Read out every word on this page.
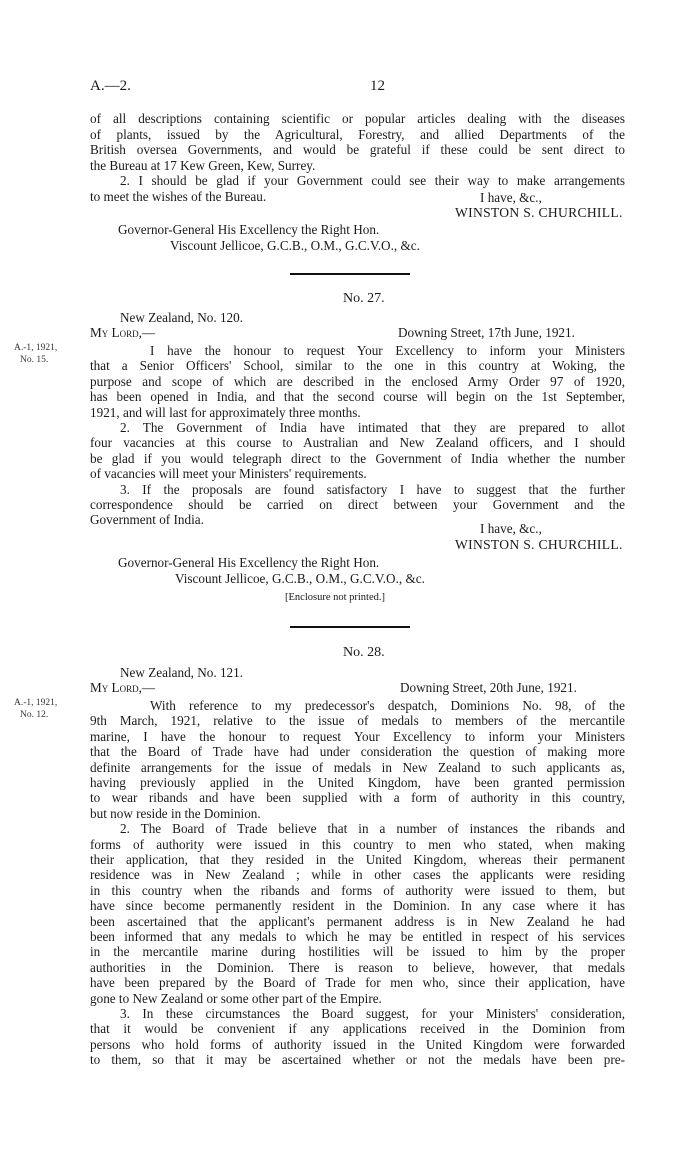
A.—2.	12
of all descriptions containing scientific or popular articles dealing with the diseases
of plants, issued by the Agricultural, Forestry, and allied Departments of the
British oversea Governments, and would be grateful if these could be sent direct to
the Bureau at 17 Kew Green, Kew, Surrey.
2. I should be glad if your Government could see their way to make arrangements
to meet the wishes of the Bureau.	I have, &c.,
WINSTON S. CHURCHILL.
Governor-General His Excellency the Right Hon.
Viscount Jellicoe, G.C.B., O.M., G.C.V.O., &c.
No. 27.
New Zealand, No. 120.
My Lord,—	Downing Street, 17th June, 1921.
A.-1, 1921,
No. 15.
I have the honour to request Your Excellency to inform your Ministers
that a Senior Officers' School, similar to the one in this country at Woking, the
purpose and scope of which are described in the enclosed Army Order 97 of 1920,
has been opened in India, and that the second course will begin on the 1st September,
1921, and will last for approximately three months.
2. The Government of India have intimated that they are prepared to allot
four vacancies at this course to Australian and New Zealand officers, and I should
be glad if you would telegraph direct to the Government of India whether the number
of vacancies will meet your Ministers' requirements.
3. If the proposals are found satisfactory I have to suggest that the further
correspondence should be carried on direct between your Government and the
Government of India.
I have, &c.,
WINSTON S. CHURCHILL.
Governor-General His Excellency the Right Hon.
Viscount Jellicoe, G.C.B., O.M., G.C.V.O., &c.
[Enclosure not printed.]
No. 28.
New Zealand, No. 121.
My Lord,—	Downing Street, 20th June, 1921.
A.-1, 1921,
No. 12.
With reference to my predecessor's despatch, Dominions No. 98, of the
9th March, 1921, relative to the issue of medals to members of the mercantile
marine, I have the honour to request Your Excellency to inform your Ministers
that the Board of Trade have had under consideration the question of making more
definite arrangements for the issue of medals in New Zealand to such applicants as,
having previously applied in the United Kingdom, have been granted permission
to wear ribands and have been supplied with a form of authority in this country,
but now reside in the Dominion.
2. The Board of Trade believe that in a number of instances the ribands and
forms of authority were issued in this country to men who stated, when making
their application, that they resided in the United Kingdom, whereas their permanent
residence was in New Zealand ; while in other cases the applicants were residing
in this country when the ribands and forms of authority were issued to them, but
have since become permanently resident in the Dominion. In any case where it has
been ascertained that the applicant's permanent address is in New Zealand he had
been informed that any medals to which he may be entitled in respect of his services
in the mercantile marine during hostilities will be issued to him by the proper
authorities in the Dominion. There is reason to believe, however, that medals
have been prepared by the Board of Trade for men who, since their application, have
gone to New Zealand or some other part of the Empire.
3. In these circumstances the Board suggest, for your Ministers' consideration,
that it would be convenient if any applications received in the Dominion from
persons who hold forms of authority issued in the United Kingdom were forwarded
to them, so that it may be ascertained whether or not the medals have been pre-
